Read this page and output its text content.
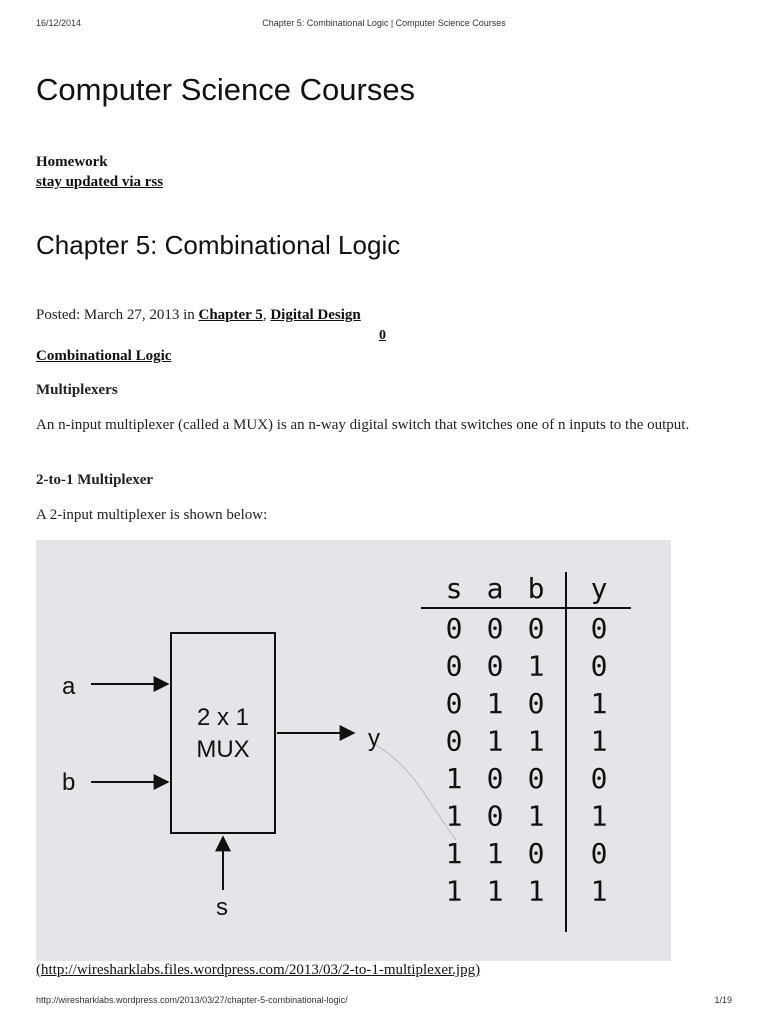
16/12/2014	Chapter 5: Combinational Logic | Computer Science Courses
Computer Science Courses
Homework
stay updated via rss
Chapter 5: Combinational Logic
Posted: March 27, 2013 in Chapter 5, Digital Design
0
Combinational Logic
Multiplexers
An n-input multiplexer (called a MUX) is an n-way digital switch that switches one of n inputs to the output.
2-to-1 Multiplexer
A 2-input multiplexer is shown below:
2 x 1
MUX
a
b
y
s
s a b y
0 0 0 0
0 0 1 0
0 1 0 1
0 1 1 1
1 0 0 0
1 0 1 1
1 1 0 0
1 1 1 1
(http://wiresharklabs.files.wordpress.com/2013/03/2-to-1-multiplexer.jpg)
http://wiresharklabs.wordpress.com/2013/03/27/chapter-5-combinational-logic/	1/19
